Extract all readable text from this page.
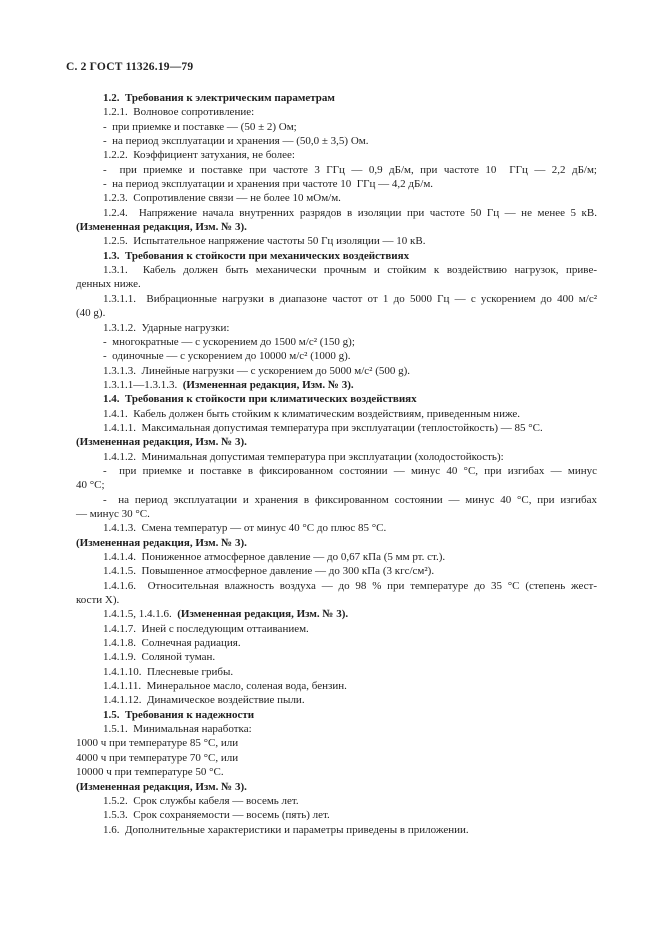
С. 2 ГОСТ 11326.19—79
1.2.  Требования к электрическим параметрам
1.2.1.  Волновое сопротивление:
-  при приемке и поставке — (50 ± 2) Ом;
-  на период эксплуатации и хранения — (50,0 ± 3,5) Ом.
1.2.2.  Коэффициент затухания, не более:
-  при приемке и поставке при частоте 3 ГГц — 0,9 дБ/м, при частоте 10  ГГц — 2,2 дБ/м;
-  на период эксплуатации и хранения при частоте 10  ГГц — 4,2 дБ/м.
1.2.3.  Сопротивление связи — не более 10 мОм/м.
1.2.4.  Напряжение начала внутренних разрядов в изоляции при частоте 50 Гц — не менее 5 кВ.
(Измененная редакция, Изм. № 3).
1.2.5.  Испытательное напряжение частоты 50 Гц изоляции — 10 кВ.
1.3.  Требования к стойкости при механических воздействиях
1.3.1.  Кабель должен быть механически прочным и стойким к воздействию нагрузок, приве-
денных ниже.
1.3.1.1.  Вибрационные нагрузки в диапазоне частот от 1 до 5000 Гц — с ускорением до 400 м/с²
(40 g).
1.3.1.2.  Ударные нагрузки:
-  многократные — с ускорением до 1500 м/с² (150 g);
-  одиночные — с ускорением до 10000 м/с² (1000 g).
1.3.1.3.  Линейные нагрузки — с ускорением до 5000 м/с² (500 g).
1.3.1.1—1.3.1.3.  (Измененная редакция, Изм. № 3).
1.4.  Требования к стойкости при климатических воздействиях
1.4.1.  Кабель должен быть стойким к климатическим воздействиям, приведенным ниже.
1.4.1.1.  Максимальная допустимая температура при эксплуатации (теплостойкость) — 85 °С.
(Измененная редакция, Изм. № 3).
1.4.1.2.  Минимальная допустимая температура при эксплуатации (холодостойкость):
-  при приемке и поставке в фиксированном состоянии — минус 40 °С, при изгибах — минус
40 °С;
-  на период эксплуатации и хранения в фиксированном состоянии — минус 40 °С, при изгибах
— минус 30 °С.
1.4.1.3.  Смена температур — от минус 40 °С до плюс 85 °С.
(Измененная редакция, Изм. № 3).
1.4.1.4.  Пониженное атмосферное давление — до 0,67 кПа (5 мм рт. ст.).
1.4.1.5.  Повышенное атмосферное давление — до 300 кПа (3 кгс/см²).
1.4.1.6.  Относительная влажность воздуха — до 98 % при температуре до 35 °С (степень жест-
кости Х).
1.4.1.5, 1.4.1.6.  (Измененная редакция, Изм. № 3).
1.4.1.7.  Иней с последующим оттаиванием.
1.4.1.8.  Солнечная радиация.
1.4.1.9.  Соляной туман.
1.4.1.10.  Плесневые грибы.
1.4.1.11.  Минеральное масло, соленая вода, бензин.
1.4.1.12.  Динамическое воздействие пыли.
1.5.  Требования к надежности
1.5.1.  Минимальная наработка:
1000 ч при температуре 85 °С, или
4000 ч при температуре 70 °С, или
10000 ч при температуре 50 °С.
(Измененная редакция, Изм. № 3).
1.5.2.  Срок службы кабеля — восемь лет.
1.5.3.  Срок сохраняемости — восемь (пять) лет.
1.6.  Дополнительные характеристики и параметры приведены в приложении.
